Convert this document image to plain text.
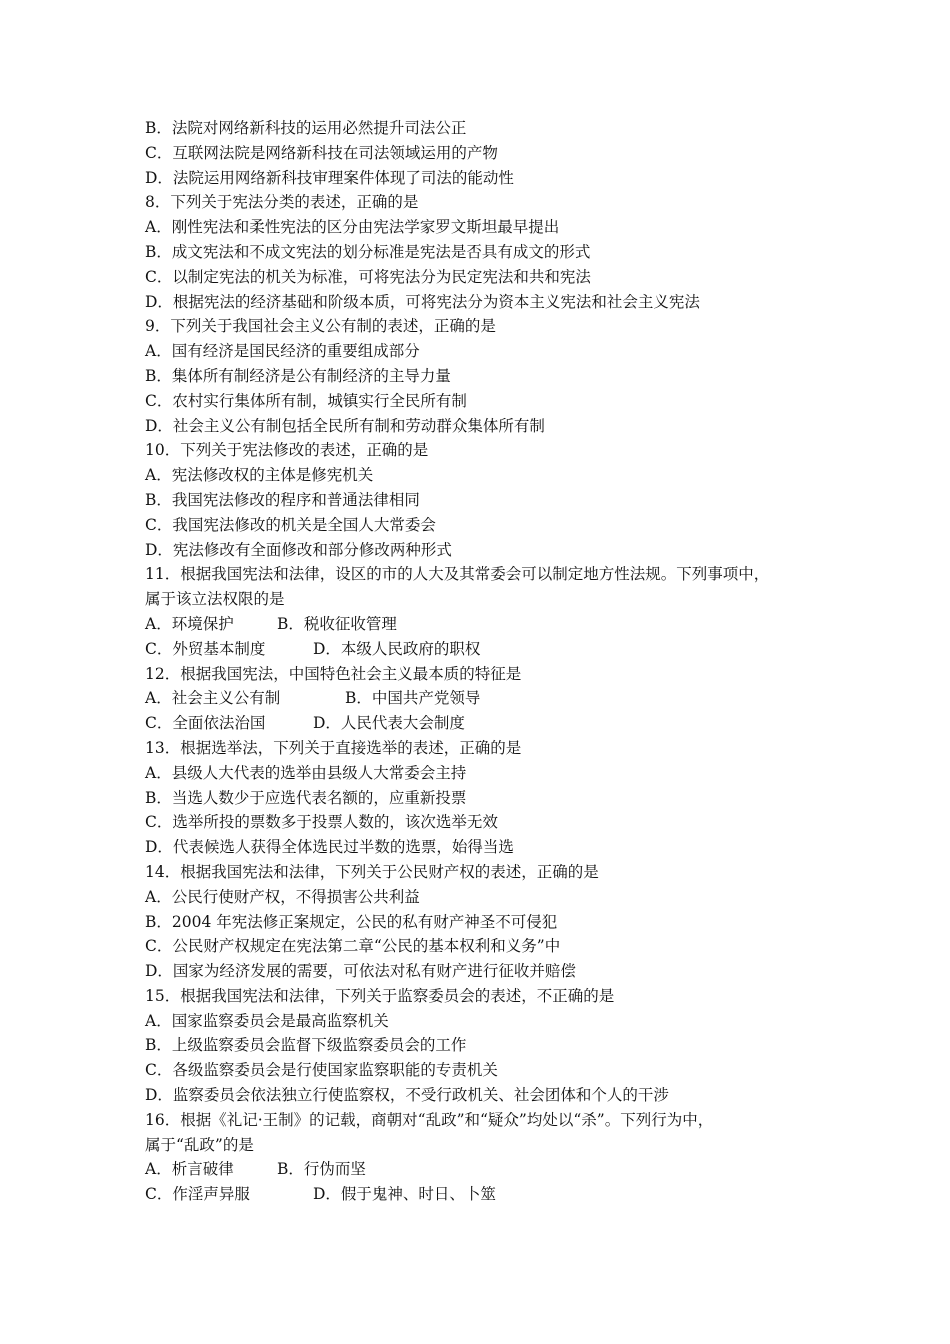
B．法院对网络新科技的运用必然提升司法公正
C．互联网法院是网络新科技在司法领域运用的产物
D．法院运用网络新科技审理案件体现了司法的能动性
8．下列关于宪法分类的表述，正确的是
A．刚性宪法和柔性宪法的区分由宪法学家罗文斯坦最早提出
B．成文宪法和不成文宪法的划分标准是宪法是否具有成文的形式
C．以制定宪法的机关为标准，可将宪法分为民定宪法和共和宪法
D．根据宪法的经济基础和阶级本质，可将宪法分为资本主义宪法和社会主义宪法
9．下列关于我国社会主义公有制的表述，正确的是
A．国有经济是国民经济的重要组成部分
B．集体所有制经济是公有制经济的主导力量
C．农村实行集体所有制，城镇实行全民所有制
D．社会主义公有制包括全民所有制和劳动群众集体所有制
10．下列关于宪法修改的表述，正确的是
A．宪法修改权的主体是修宪机关
B．我国宪法修改的程序和普通法律相同
C．我国宪法修改的机关是全国人大常委会
D．宪法修改有全面修改和部分修改两种形式
11．根据我国宪法和法律，设区的市的人大及其常委会可以制定地方性法规。下列事项中，
属于该立法权限的是
A．环境保护	B．税收征收管理
C．外贸基本制度	D．本级人民政府的职权
12．根据我国宪法，中国特色社会主义最本质的特征是
A．社会主义公有制	B．中国共产党领导
C．全面依法治国	D．人民代表大会制度
13．根据选举法，下列关于直接选举的表述，正确的是
A．县级人大代表的选举由县级人大常委会主持
B．当选人数少于应选代表名额的，应重新投票
C．选举所投的票数多于投票人数的，该次选举无效
D．代表候选人获得全体选民过半数的选票，始得当选
14．根据我国宪法和法律，下列关于公民财产权的表述，正确的是
A．公民行使财产权，不得损害公共利益
B．2004 年宪法修正案规定，公民的私有财产神圣不可侵犯
C．公民财产权规定在宪法第二章“公民的基本权利和义务”中
D．国家为经济发展的需要，可依法对私有财产进行征收并赔偿
15．根据我国宪法和法律，下列关于监察委员会的表述，不正确的是
A．国家监察委员会是最高监察机关
B．上级监察委员会监督下级监察委员会的工作
C．各级监察委员会是行使国家监察职能的专责机关
D．监察委员会依法独立行使监察权，不受行政机关、社会团体和个人的干涉
16．根据《礼记·王制》的记载，商朝对“乱政”和“疑众”均处以“杀”。下列行为中，
属于“乱政”的是
A．析言破律	B．行伪而坚
C．作淫声异服	D．假于鬼神、时日、卜筮
